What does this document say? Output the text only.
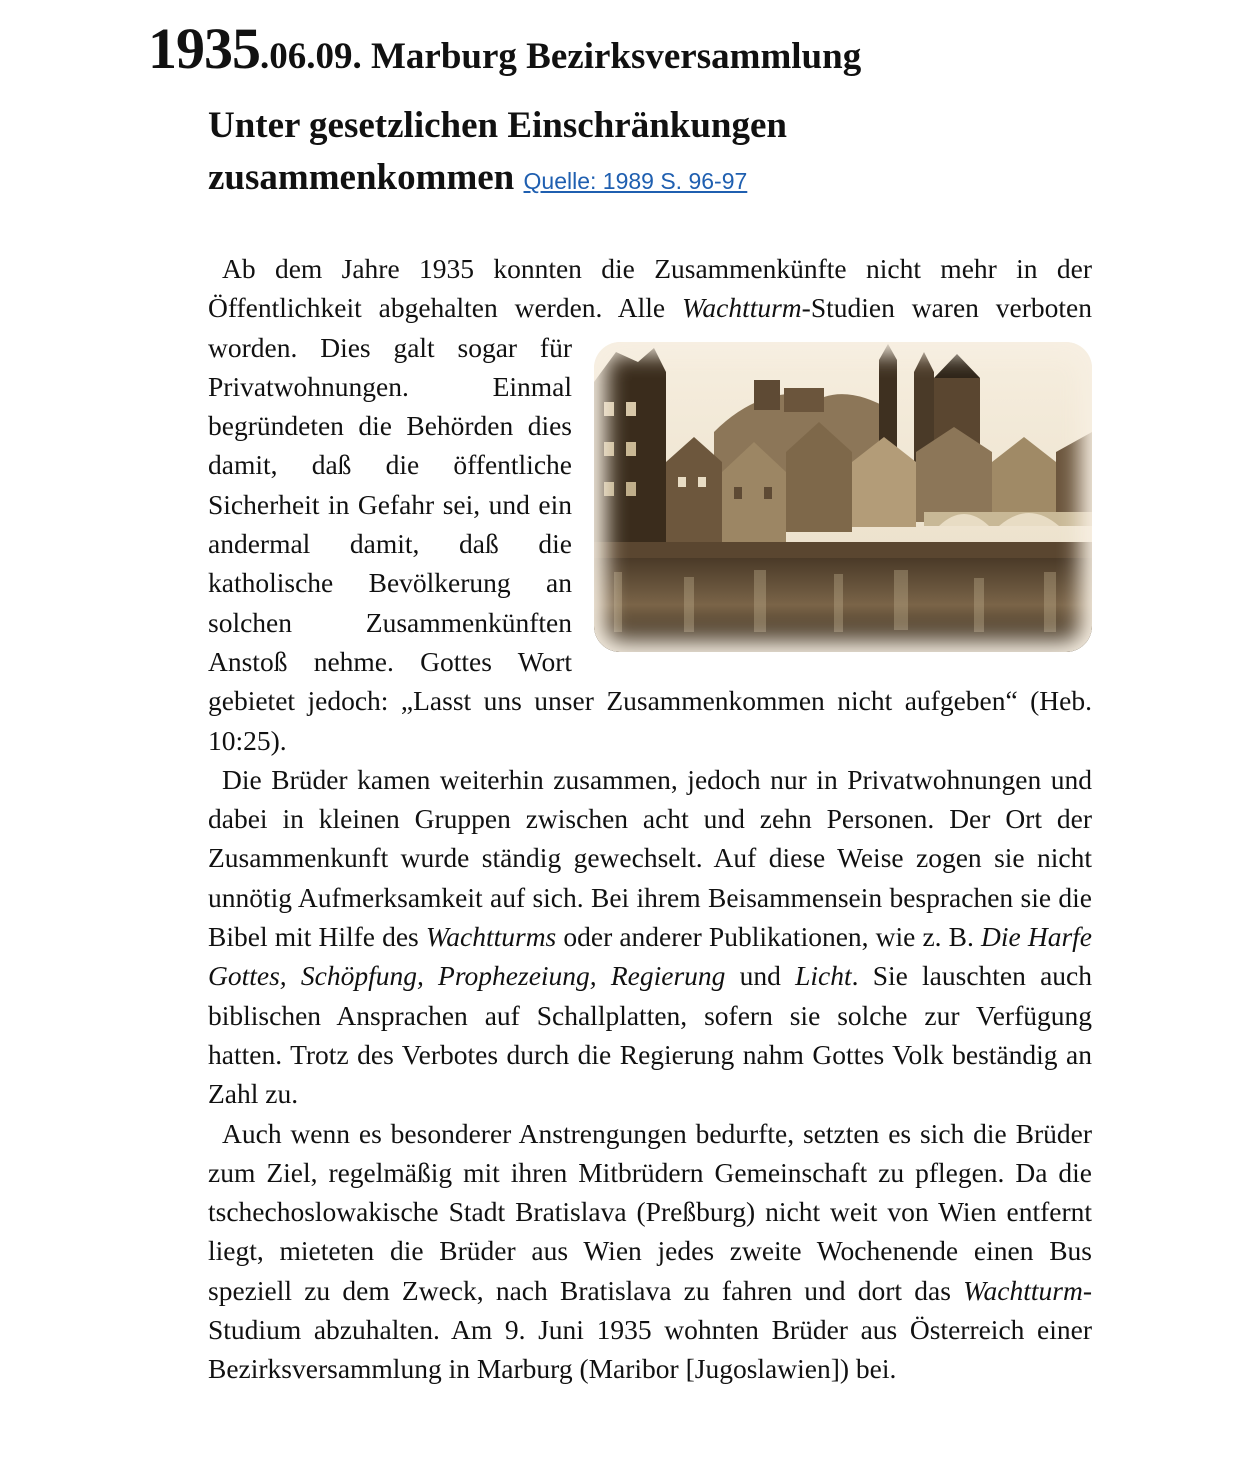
1935.06.09. Marburg Bezirksversammlung
Unter gesetzlichen Einschränkungen
zusammenkommen Quelle: 1989 S. 96-97

Ab dem Jahre 1935 konnten die Zusammenkünfte nicht mehr in der Öffentlichkeit abgehalten werden. Alle Wachtturm-Studien waren verboten worden.
Dies galt sogar für Privatwohnungen. Einmal begründeten die Behörden dies damit, daß die öffentliche Sicherheit in Gefahr sei, und ein andermal damit, daß die katholische Bevölkerung an solchen Zusammenkünften Anstoß nehme. Gottes Wort gebietet jedoch: „Lasst uns unser Zusammenkommen nicht aufgeben“ (Heb. 10:25).

Die Brüder kamen weiterhin zusammen, jedoch nur in Privatwohnungen und dabei in kleinen Gruppen zwischen acht und zehn Personen. Der Ort der Zusammenkunft wurde ständig gewechselt. Auf diese Weise zogen sie nicht unnötig Aufmerksamkeit auf sich. Bei ihrem Beisammensein besprachen sie die Bibel mit Hilfe des Wachtturms oder anderer Publikationen, wie z. B. Die Harfe Gottes, Schöpfung, Prophezeiung, Regierung und Licht. Sie lauschten auch biblischen Ansprachen auf Schallplatten, sofern sie solche zur Verfügung hatten. Trotz des Verbotes durch die Regierung nahm Gottes Volk beständig an Zahl zu.

Auch wenn es besonderer Anstrengungen bedurfte, setzten es sich die Brüder zum Ziel, regelmäßig mit ihren Mitbrüdern Gemeinschaft zu pflegen. Da die tschechoslowakische Stadt Bratislava (Preßburg) nicht weit von Wien entfernt liegt, mieteten die Brüder aus Wien jedes zweite Wochenende einen Bus speziell zu dem Zweck, nach Bratislava zu fahren und dort das Wachtturm-Studium abzuhalten. Am 9. Juni 1935 wohnten Brüder aus Österreich einer Bezirksversammlung in Marburg (Maribor [Jugoslawien]) bei.
